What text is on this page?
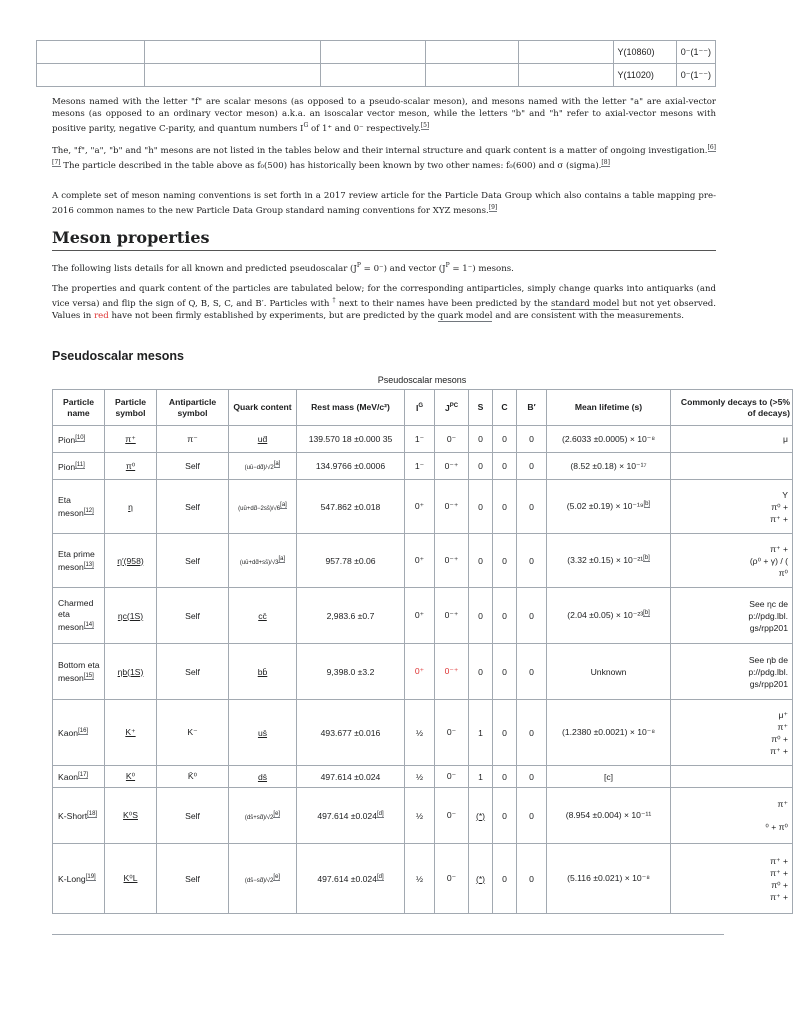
					Υ(10860)	0⁻(1⁻⁻)
					Υ(11020)	0⁻(1⁻⁻)
Mesons named with the letter "f" are scalar mesons (as opposed to a pseudo-scalar meson), and mesons named with the letter "a" are axial-vector mesons (as opposed to an ordinary vector meson) a.k.a. an isoscalar vector meson, while the letters "b" and "h" refer to axial-vector mesons with positive parity, negative C-parity, and quantum numbers $I^G$ of 1⁺ and 0⁻ respectively.[5]
The, "f", "a", "b" and "h" mesons are not listed in the tables below and their internal structure and quark content is a matter of ongoing investigation.[6][7] The particle described in the table above as f₀(500) has historically been known by two other names: f₀(600) and σ (sigma).[8]
A complete set of meson naming conventions is set forth in a 2017 review article for the Particle Data Group which also contains a table mapping pre-2016 common names to the new Particle Data Group standard naming conventions for XYZ mesons.[9]
Meson properties
The following lists details for all known and predicted pseudoscalar $(J^P = 0^-)$ and vector $(J^P = 1^-)$ mesons.
The properties and quark content of the particles are tabulated below; for the corresponding antiparticles, simply change quarks into antiquarks (and vice versa) and flip the sign of Q, B, S, C, and B′. Particles with † next to their names have been predicted by the standard model but not yet observed. Values in red have not been firmly established by experiments, but are predicted by the quark model and are consistent with the measurements.
Pseudoscalar mesons
Pseudoscalar mesons
Particle name	Particle symbol	Antiparticle symbol	Quark content	Rest mass (MeV/c²)	$I^G$	$J^{PC}$	S	C	B′	Mean lifetime (s)	Commonly decays to (>5% of decays)
Pion[10]	π⁺	π⁻	ud̄	139.570 18 ±0.000 35	1⁻	0⁻	0	0	0	(2.6033 ±0.0005) × 10⁻⁸	μ

Pion[11]	π⁰	Self	(uū−dd̄)/√2[a]	134.9766 ±0.0006	1⁻	0⁻⁺	0	0	0	(8.52 ±0.18) × 10⁻¹⁷	

Eta meson[12]	η	Self	(uū+dd̄−2ss̄)/√6[a]	547.862 ±0.018	0⁺	0⁻⁺	0	0	0	(5.02 ±0.19) × 10⁻¹⁹[b]	Y
π⁰ +
π⁺ +

Eta prime meson[13]	η′(958)	Self	(uū+dd̄+ss̄)/√3[a]	957.78 ±0.06	0⁺	0⁻⁺	0	0	0	(3.32 ±0.15) × 10⁻²¹[b]	π⁺ +
(ρ⁰ + γ) / (
π⁰

Charmed eta meson[14]	ηc(1S)	Self	cc̄	2,983.6 ±0.7	0⁺	0⁻⁺	0	0	0	(2.04 ±0.05) × 10⁻²³[b]	See ηc de
p://pdg.lbl.
gs/rpp201

Bottom eta meson[15]	ηb(1S)	Self	bb̄	9,398.0 ±3.2	0⁺	0⁻⁺	0	0	0	Unknown	See ηb de
p://pdg.lbl.
gs/rpp201

Kaon[16]	K⁺	K⁻	us̄	493.677 ±0.016	½	0⁻	1	0	0	(1.2380 ±0.0021) × 10⁻⁸	μ⁺
π⁺
π⁰ +
π⁺ +

Kaon[17]	K⁰	K̄⁰	ds̄	497.614 ±0.024	½	0⁻	1	0	0	[c]	

K-Short[18]	K⁰S	Self	(ds̄+sd̄)/√2[e]	497.614 ±0.024[d]	½	0⁻	(*)	0	0	(8.954 ±0.004) × 10⁻¹¹	π⁺
⁰ + π⁰

K-Long[19]	K⁰L	Self	(ds̄−sd̄)/√2[e]	497.614 ±0.024[d]	½	0⁻	(*)	0	0	(5.116 ±0.021) × 10⁻⁸	π⁺ +
π⁺ +
π⁰ +
π⁺ +
